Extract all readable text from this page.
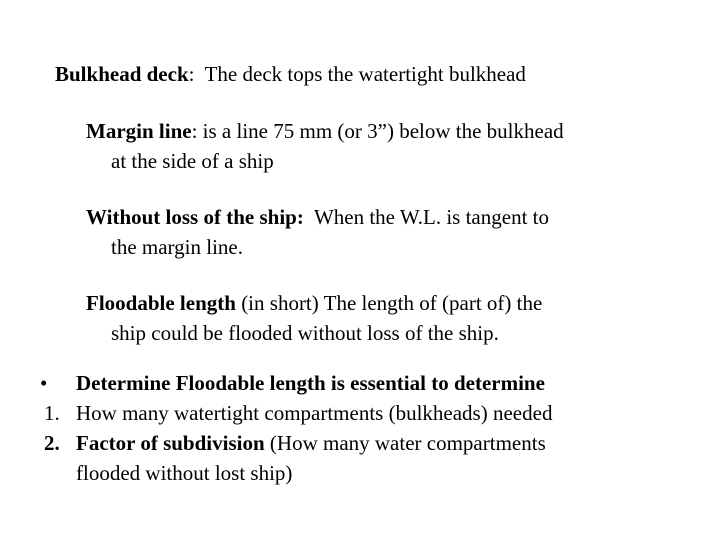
Bulkhead deck:  The deck tops the watertight bulkhead

Margin line: is a line 75 mm (or 3”) below the bulkhead
at the side of a ship

Without loss of the ship:  When the W.L. is tangent to
the margin line.

Floodable length (in short) The length of (part of) the
ship could be flooded without loss of the ship.

•	Determine Floodable length is essential to determine
1. How many watertight compartments (bulkheads) needed
2. Factor of subdivision (How many water compartments
flooded without lost ship)
